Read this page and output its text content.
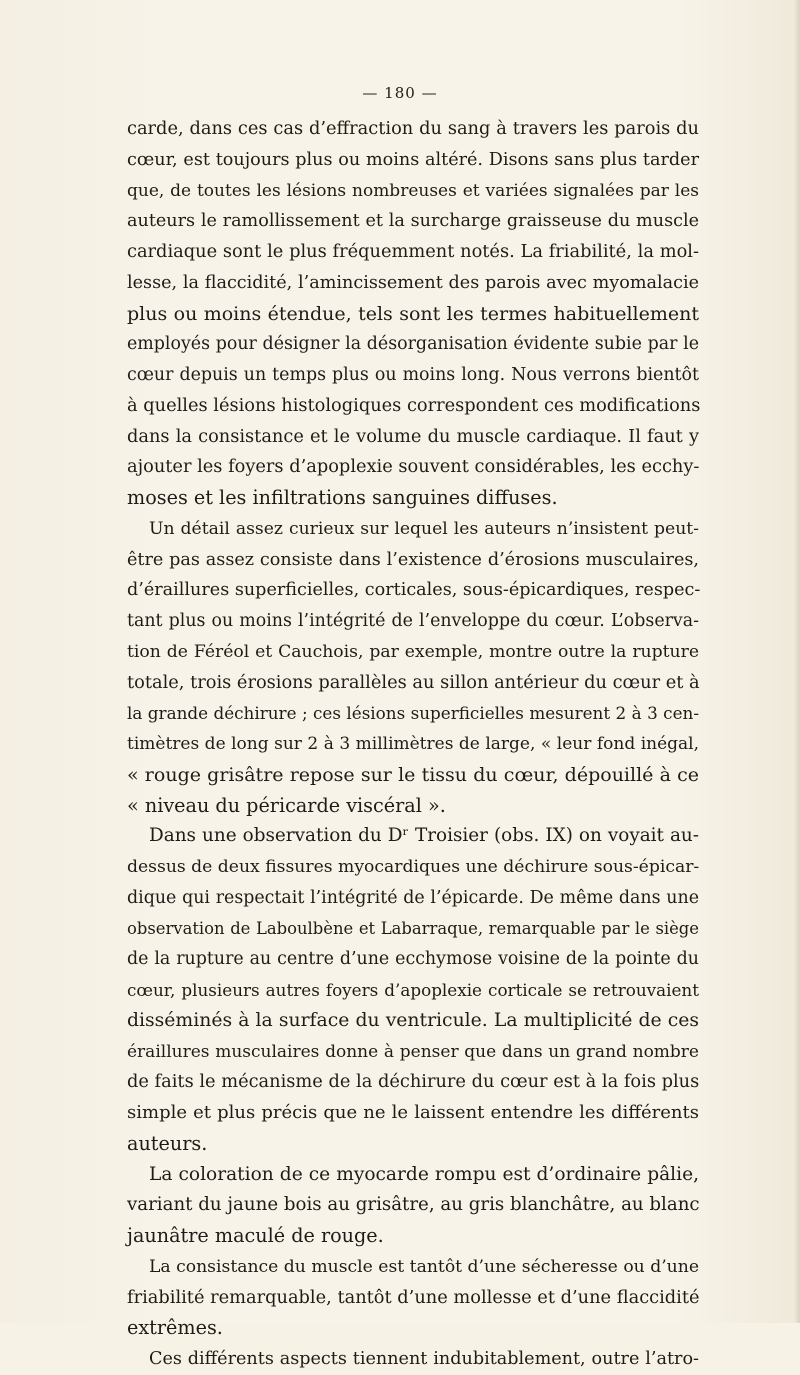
— 180 —
carde, dans ces cas d’effraction du sang à travers les parois du
cœur, est toujours plus ou moins altéré. Disons sans plus tarder
que, de toutes les lésions nombreuses et variées signalées par les
auteurs le ramollissement et la surcharge graisseuse du muscle
cardiaque sont le plus fréquemment notés. La friabilité, la mol-
lesse, la flaccidité, l’amincissement des parois avec myomalacie
plus ou moins étendue, tels sont les termes habituellement
employés pour désigner la désorganisation évidente subie par le
cœur depuis un temps plus ou moins long. Nous verrons bientôt
à quelles lésions histologiques correspondent ces modifications
dans la consistance et le volume du muscle cardiaque. Il faut y
ajouter les foyers d’apoplexie souvent considérables, les ecchy-
moses et les infiltrations sanguines diffuses.
Un détail assez curieux sur lequel les auteurs n’insistent peut-
être pas assez consiste dans l’existence d’érosions musculaires,
d’éraillures superficielles, corticales, sous-épicardiques, respec-
tant plus ou moins l’intégrité de l’enveloppe du cœur. L’observa-
tion de Féréol et Cauchois, par exemple, montre outre la rupture
totale, trois érosions parallèles au sillon antérieur du cœur et à
la grande déchirure ; ces lésions superficielles mesurent 2 à 3 cen-
timètres de long sur 2 à 3 millimètres de large, « leur fond inégal,
« rouge grisâtre repose sur le tissu du cœur, dépouillé à ce
« niveau du péricarde viscéral ».
Dans une observation du Dʳ Troisier (obs. IX) on voyait au-
dessus de deux fissures myocardiques une déchirure sous-épicar-
dique qui respectait l’intégrité de l’épicarde. De même dans une
observation de Laboulbène et Labarraque, remarquable par le siège
de la rupture au centre d’une ecchymose voisine de la pointe du
cœur, plusieurs autres foyers d’apoplexie corticale se retrouvaient
disséminés à la surface du ventricule. La multiplicité de ces
éraillures musculaires donne à penser que dans un grand nombre
de faits le mécanisme de la déchirure du cœur est à la fois plus
simple et plus précis que ne le laissent entendre les différents
auteurs.
La coloration de ce myocarde rompu est d’ordinaire pâlie,
variant du jaune bois au grisâtre, au gris blanchâtre, au blanc
jaunâtre maculé de rouge.
La consistance du muscle est tantôt d’une sécheresse ou d’une
friabilité remarquable, tantôt d’une mollesse et d’une flaccidité
extrêmes.
Ces différents aspects tiennent indubitablement, outre l’atro-
